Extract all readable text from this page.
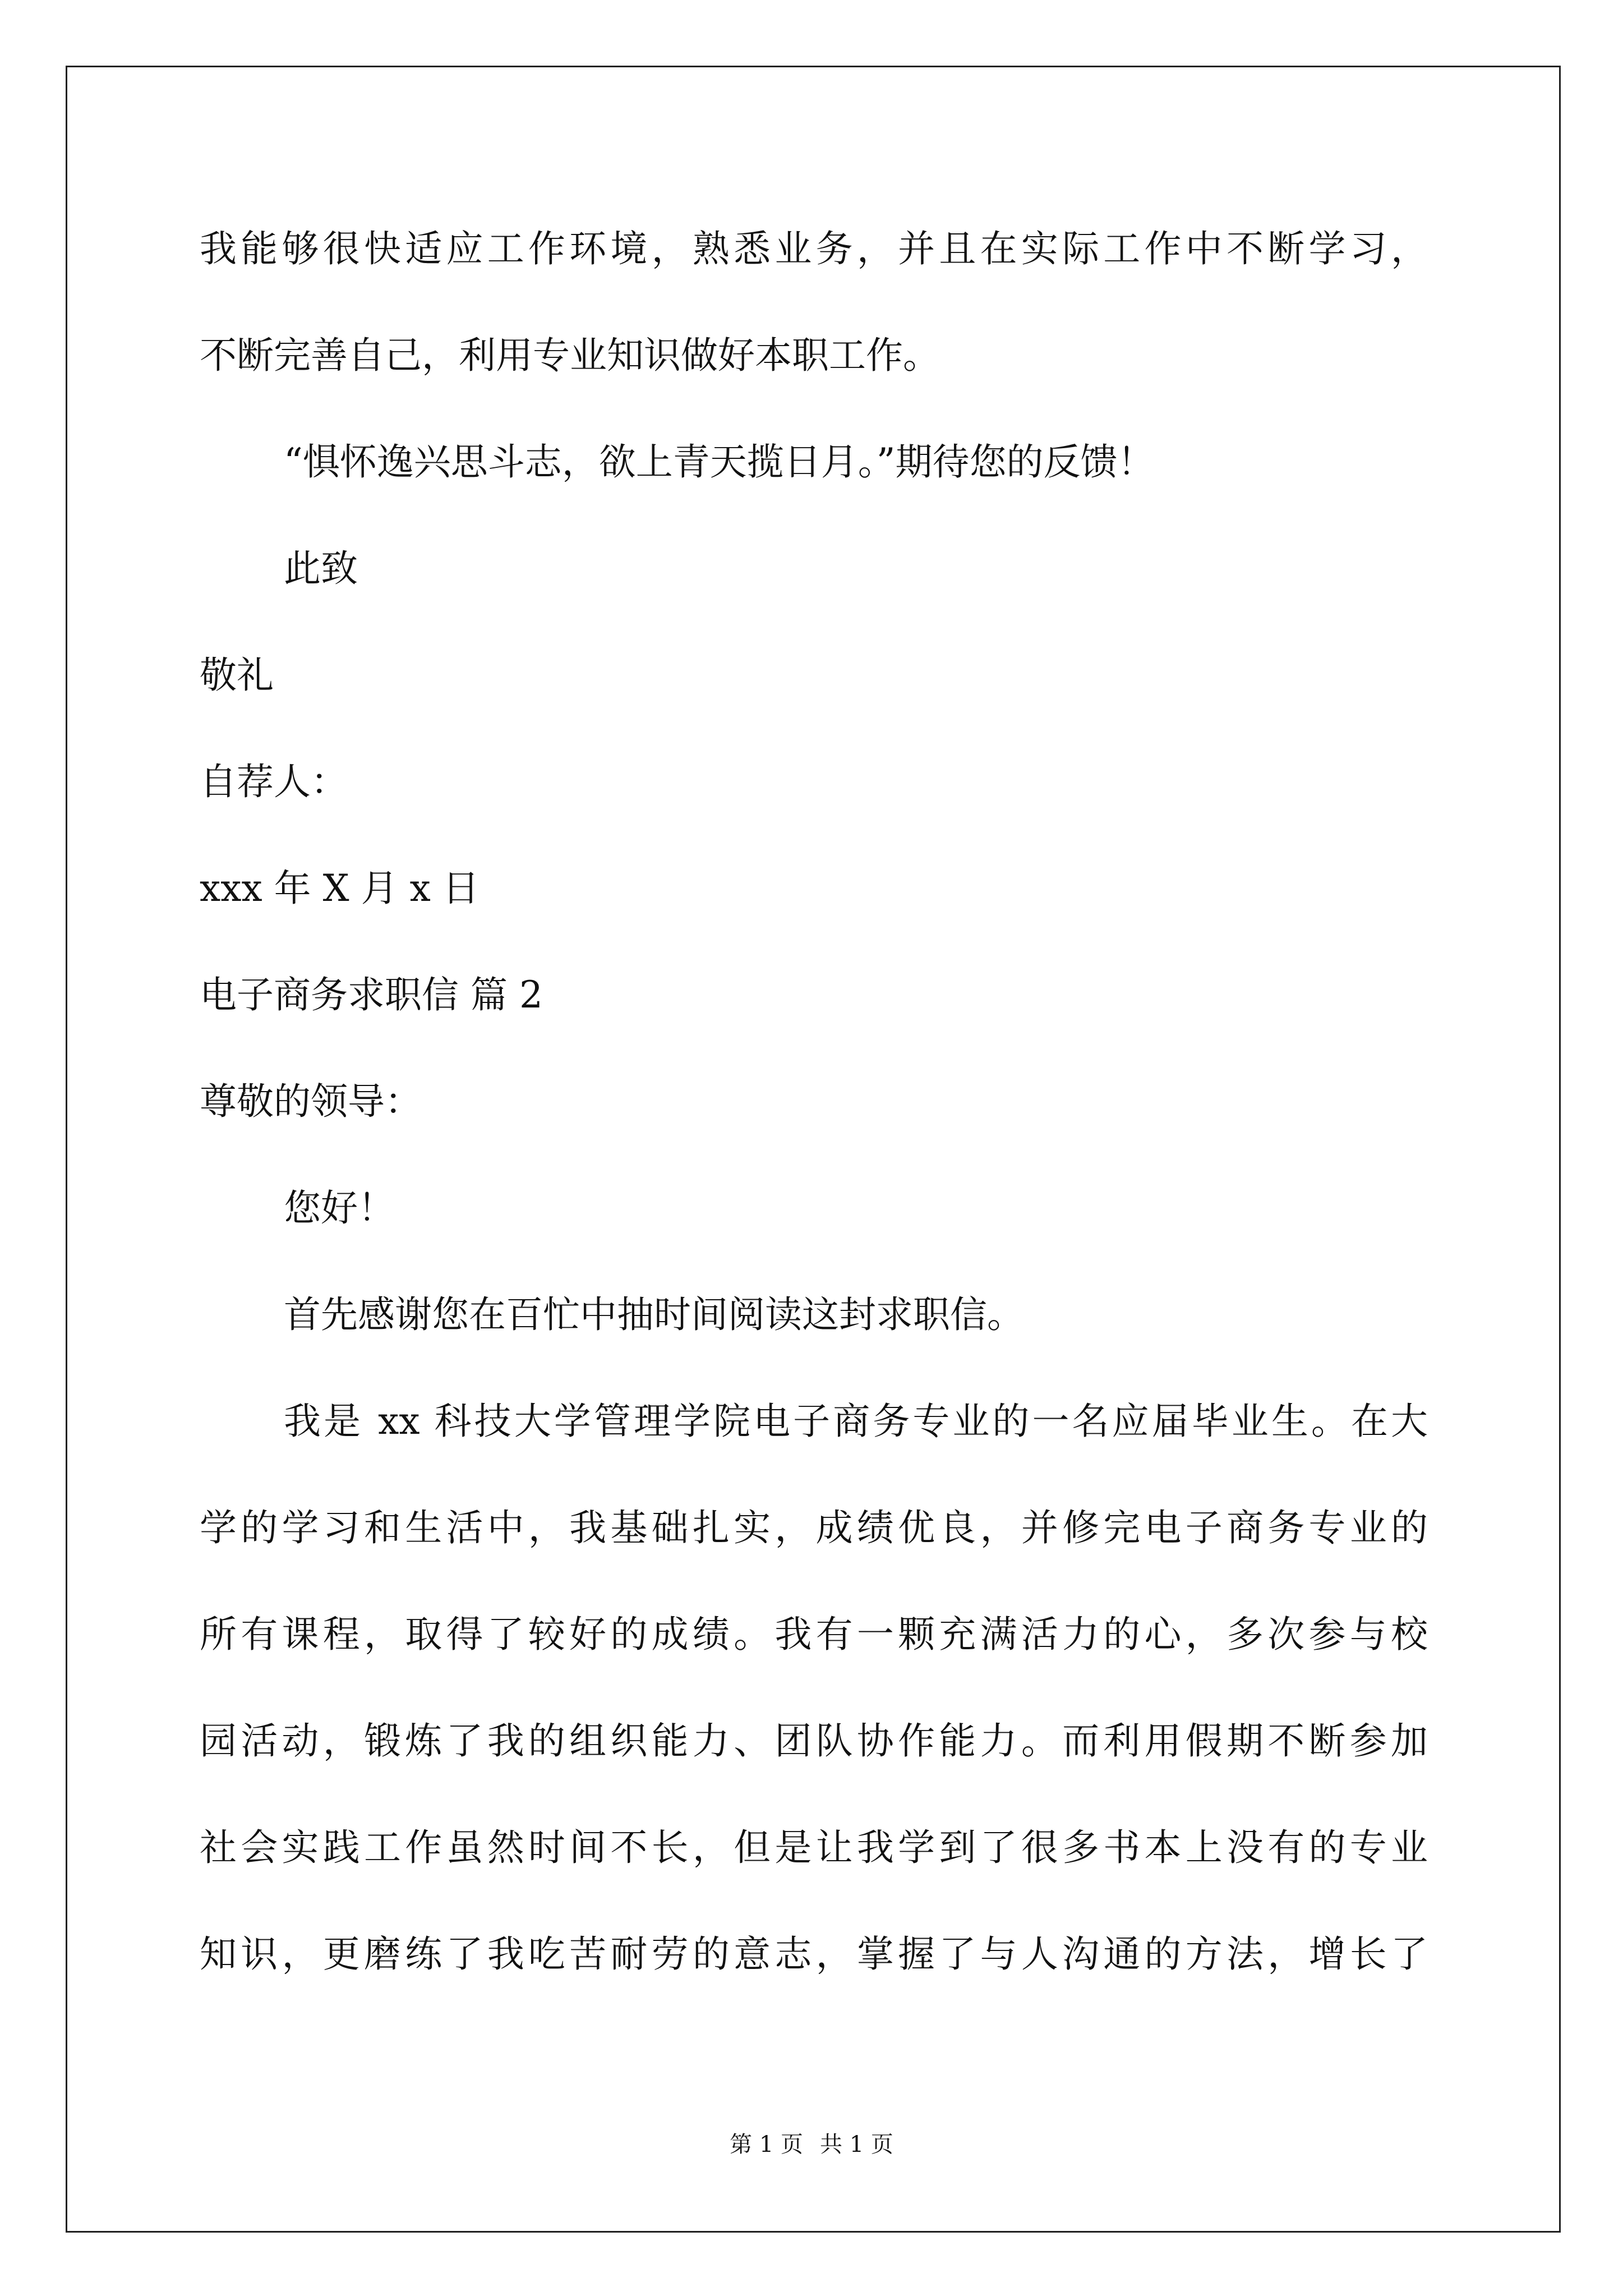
我能够很快适应工作环境，熟悉业务，并且在实际工作中不断学习，
不断完善自己，利用专业知识做好本职工作。
“惧怀逸兴思斗志，欲上青天揽日月。”期待您的反馈！
此致
敬礼
自荐人：
xxx 年 X 月 x 日
电子商务求职信 篇 2
尊敬的领导：
您好！
首先感谢您在百忙中抽时间阅读这封求职信。
我是 xx 科技大学管理学院电子商务专业的一名应届毕业生。在大
学的学习和生活中，我基础扎实，成绩优良，并修完电子商务专业的
所有课程，取得了较好的成绩。我有一颗充满活力的心，多次参与校
园活动，锻炼了我的组织能力、团队协作能力。而利用假期不断参加
社会实践工作虽然时间不长，但是让我学到了很多书本上没有的专业
知识，更磨练了我吃苦耐劳的意志，掌握了与人沟通的方法，增长了
第 1 页 共 1 页
